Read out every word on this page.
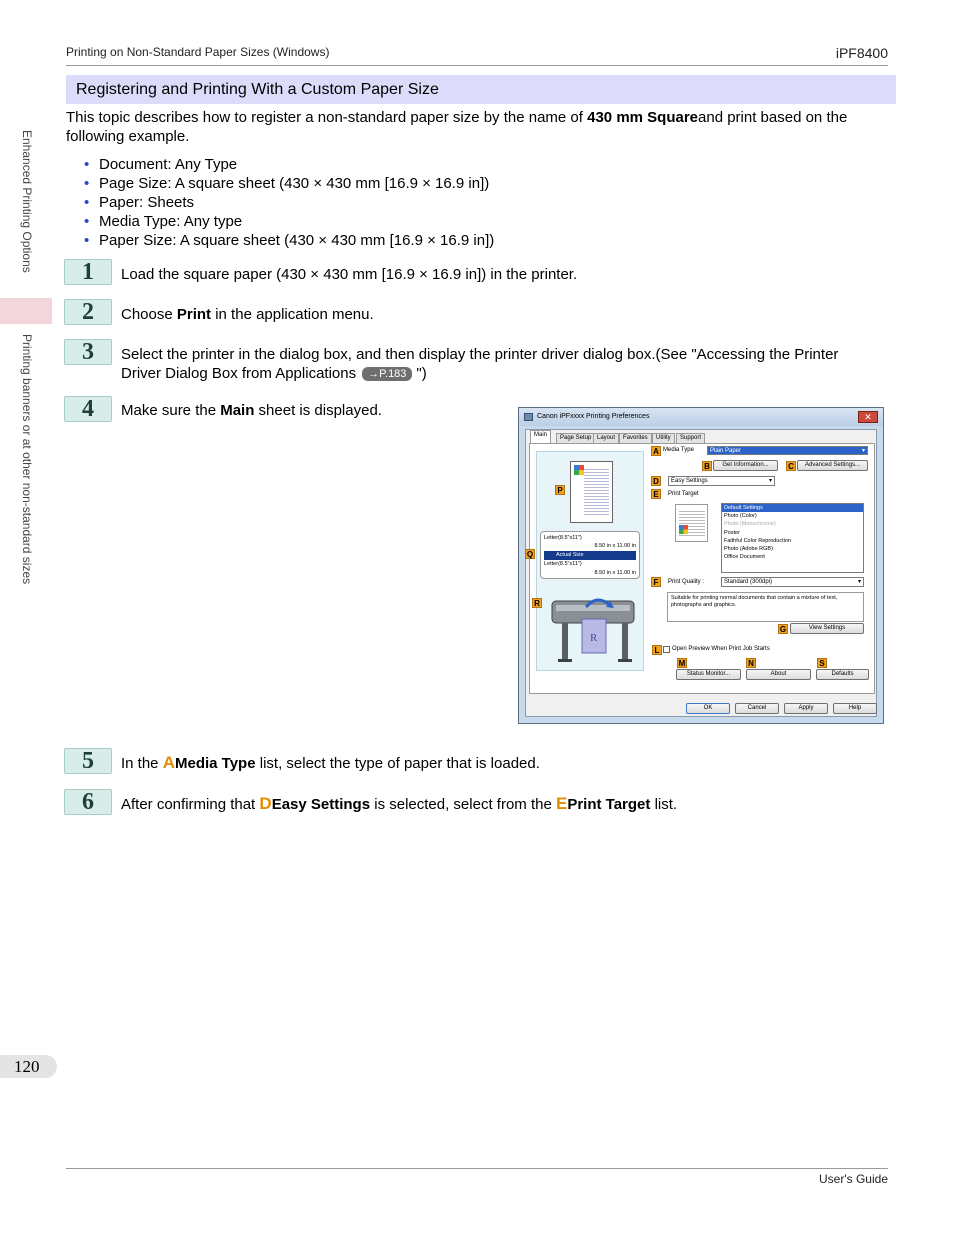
Printing on Non-Standard Paper Sizes (Windows)	iPF8400
Enhanced Printing Options
Printing banners or at other non-standard sizes
120
Registering and Printing With a Custom Paper Size
This topic describes how to register a non-standard paper size by the name of 430 mm Squareand print based on the following example.
• Document: Any Type
• Page Size: A square sheet (430 × 430 mm [16.9 × 16.9 in])
• Paper: Sheets
• Media Type: Any type
• Paper Size: A square sheet (430 × 430 mm [16.9 × 16.9 in])
1	Load the square paper (430 × 430 mm [16.9 × 16.9 in]) in the printer.
2	Choose Print in the application menu.
3	Select the printer in the dialog box, and then display the printer driver dialog box.(See "Accessing the Printer Driver Dialog Box from Applications →P.183 ")
4	Make sure the Main sheet is displayed.	Canon iPFxxxx Printing Preferences	✕
Main	Page Setup Layout	Favorites	Utility	Support
Letter(8.5"x11")
8.50 in x 11.00 in
Actual Size
Letter(8.5"x11")
8.50 in x 11.00 in
R
P
Q
R
A Media Type	Plain Paper	▾
B	Get Information...	C	Advanced Settings...
D	Easy Settings	▾
E	Print Target
Default Settings
Photo (Color)
Photo (Monochrome)
Poster
Faithful Color Reproduction
Photo (Adobe RGB)
Office Document
F	Print Quality :	Standard (300dpi)	▾
Suitable for printing normal documents that contain a mixture of text, photographs and graphics.
G	View Settings
L	Open Preview When Print Job Starts
M
Status Monitor...
N
About
S
Defaults
OK	Cancel	Apply	Help
5	In the AMedia Type list, select the type of paper that is loaded.
6	After confirming that DEasy Settings is selected, select from the EPrint Target list.
User's Guide
